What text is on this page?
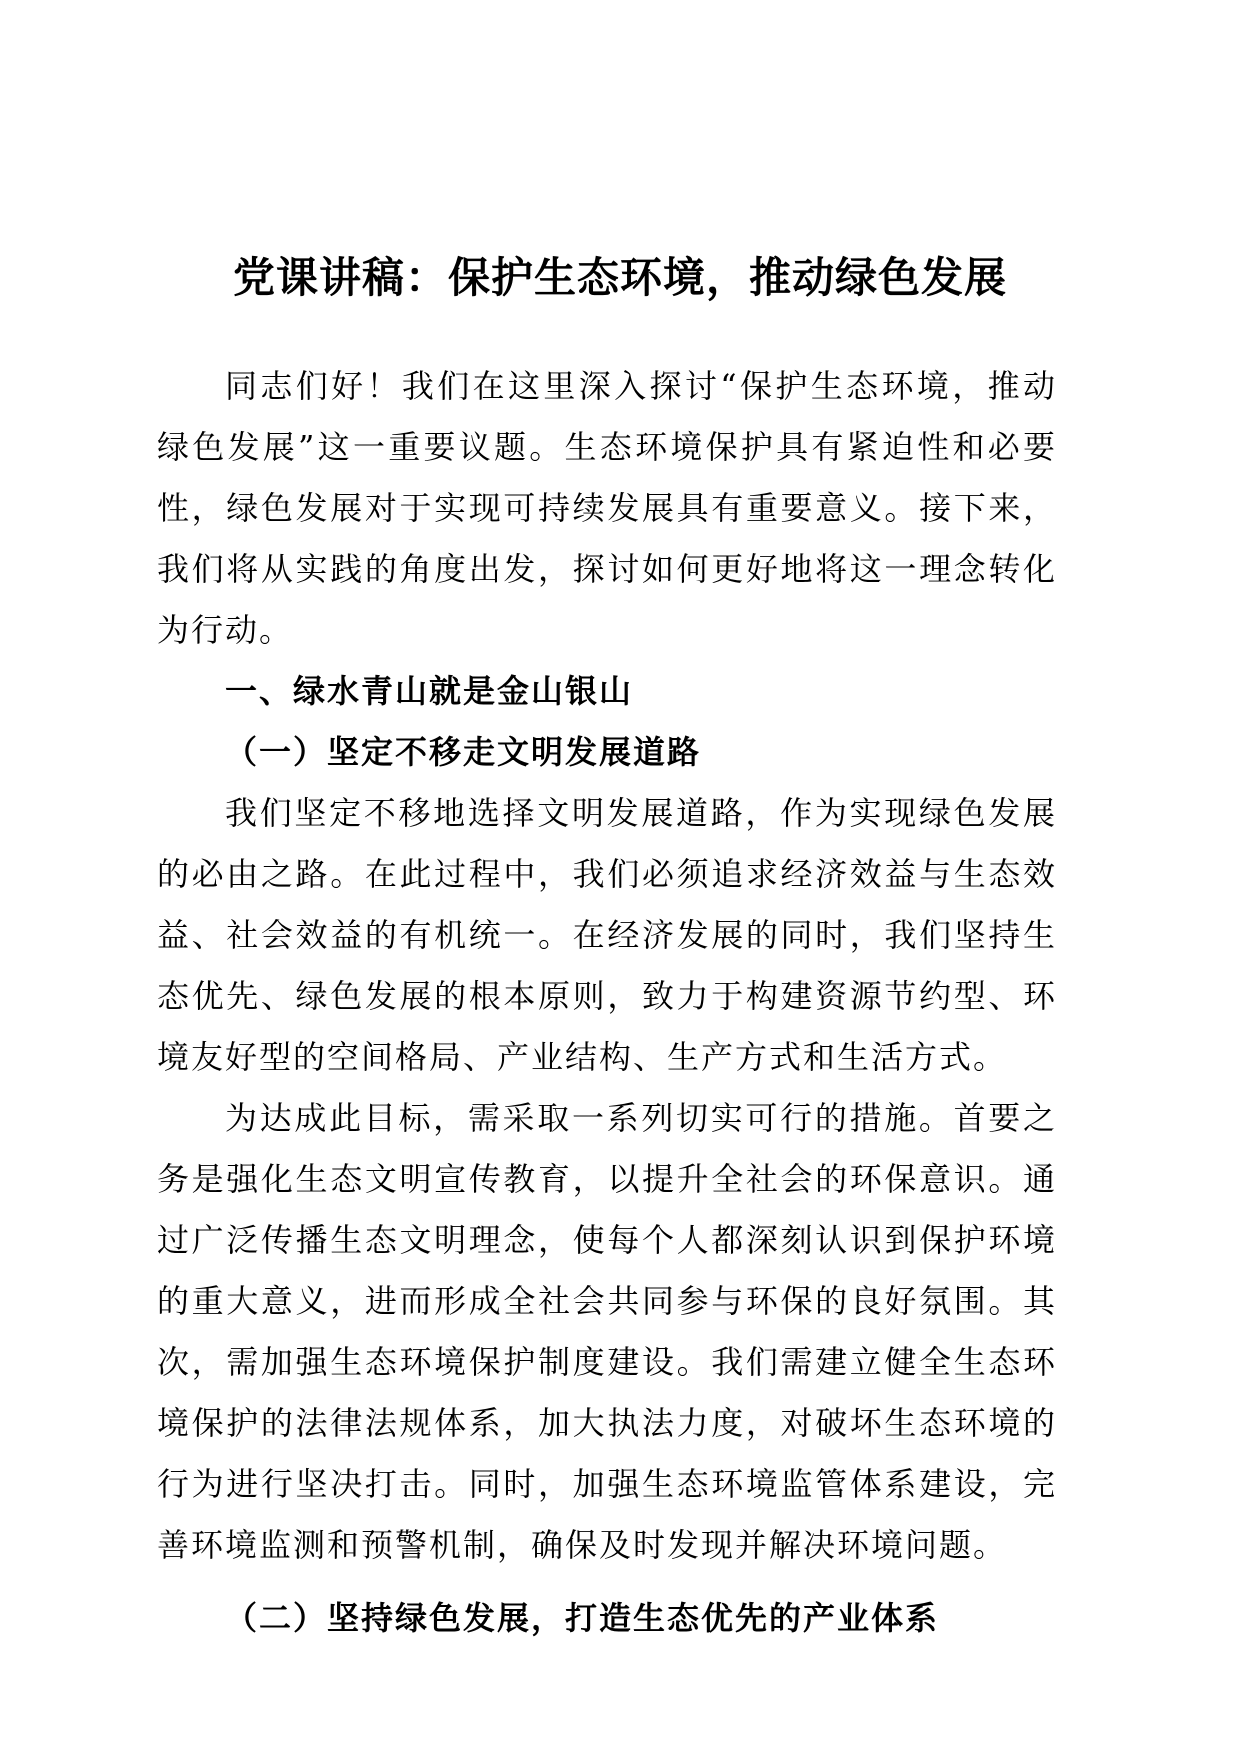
党课讲稿：保护生态环境，推动绿色发展

同志们好！我们在这里深入探讨“保护生态环境，推动绿色发展”这一重要议题。生态环境保护具有紧迫性和必要性，绿色发展对于实现可持续发展具有重要意义。接下来，我们将从实践的角度出发，探讨如何更好地将这一理念转化为行动。

一、绿水青山就是金山银山

（一）坚定不移走文明发展道路

我们坚定不移地选择文明发展道路，作为实现绿色发展的必由之路。在此过程中，我们必须追求经济效益与生态效益、社会效益的有机统一。在经济发展的同时，我们坚持生态优先、绿色发展的根本原则，致力于构建资源节约型、环境友好型的空间格局、产业结构、生产方式和生活方式。

为达成此目标，需采取一系列切实可行的措施。首要之务是强化生态文明宣传教育，以提升全社会的环保意识。通过广泛传播生态文明理念，使每个人都深刻认识到保护环境的重大意义，进而形成全社会共同参与环保的良好氛围。其次，需加强生态环境保护制度建设。我们需建立健全生态环境保护的法律法规体系，加大执法力度，对破坏生态环境的行为进行坚决打击。同时，加强生态环境监管体系建设，完善环境监测和预警机制，确保及时发现并解决环境问题。

（二）坚持绿色发展，打造生态优先的产业体系
